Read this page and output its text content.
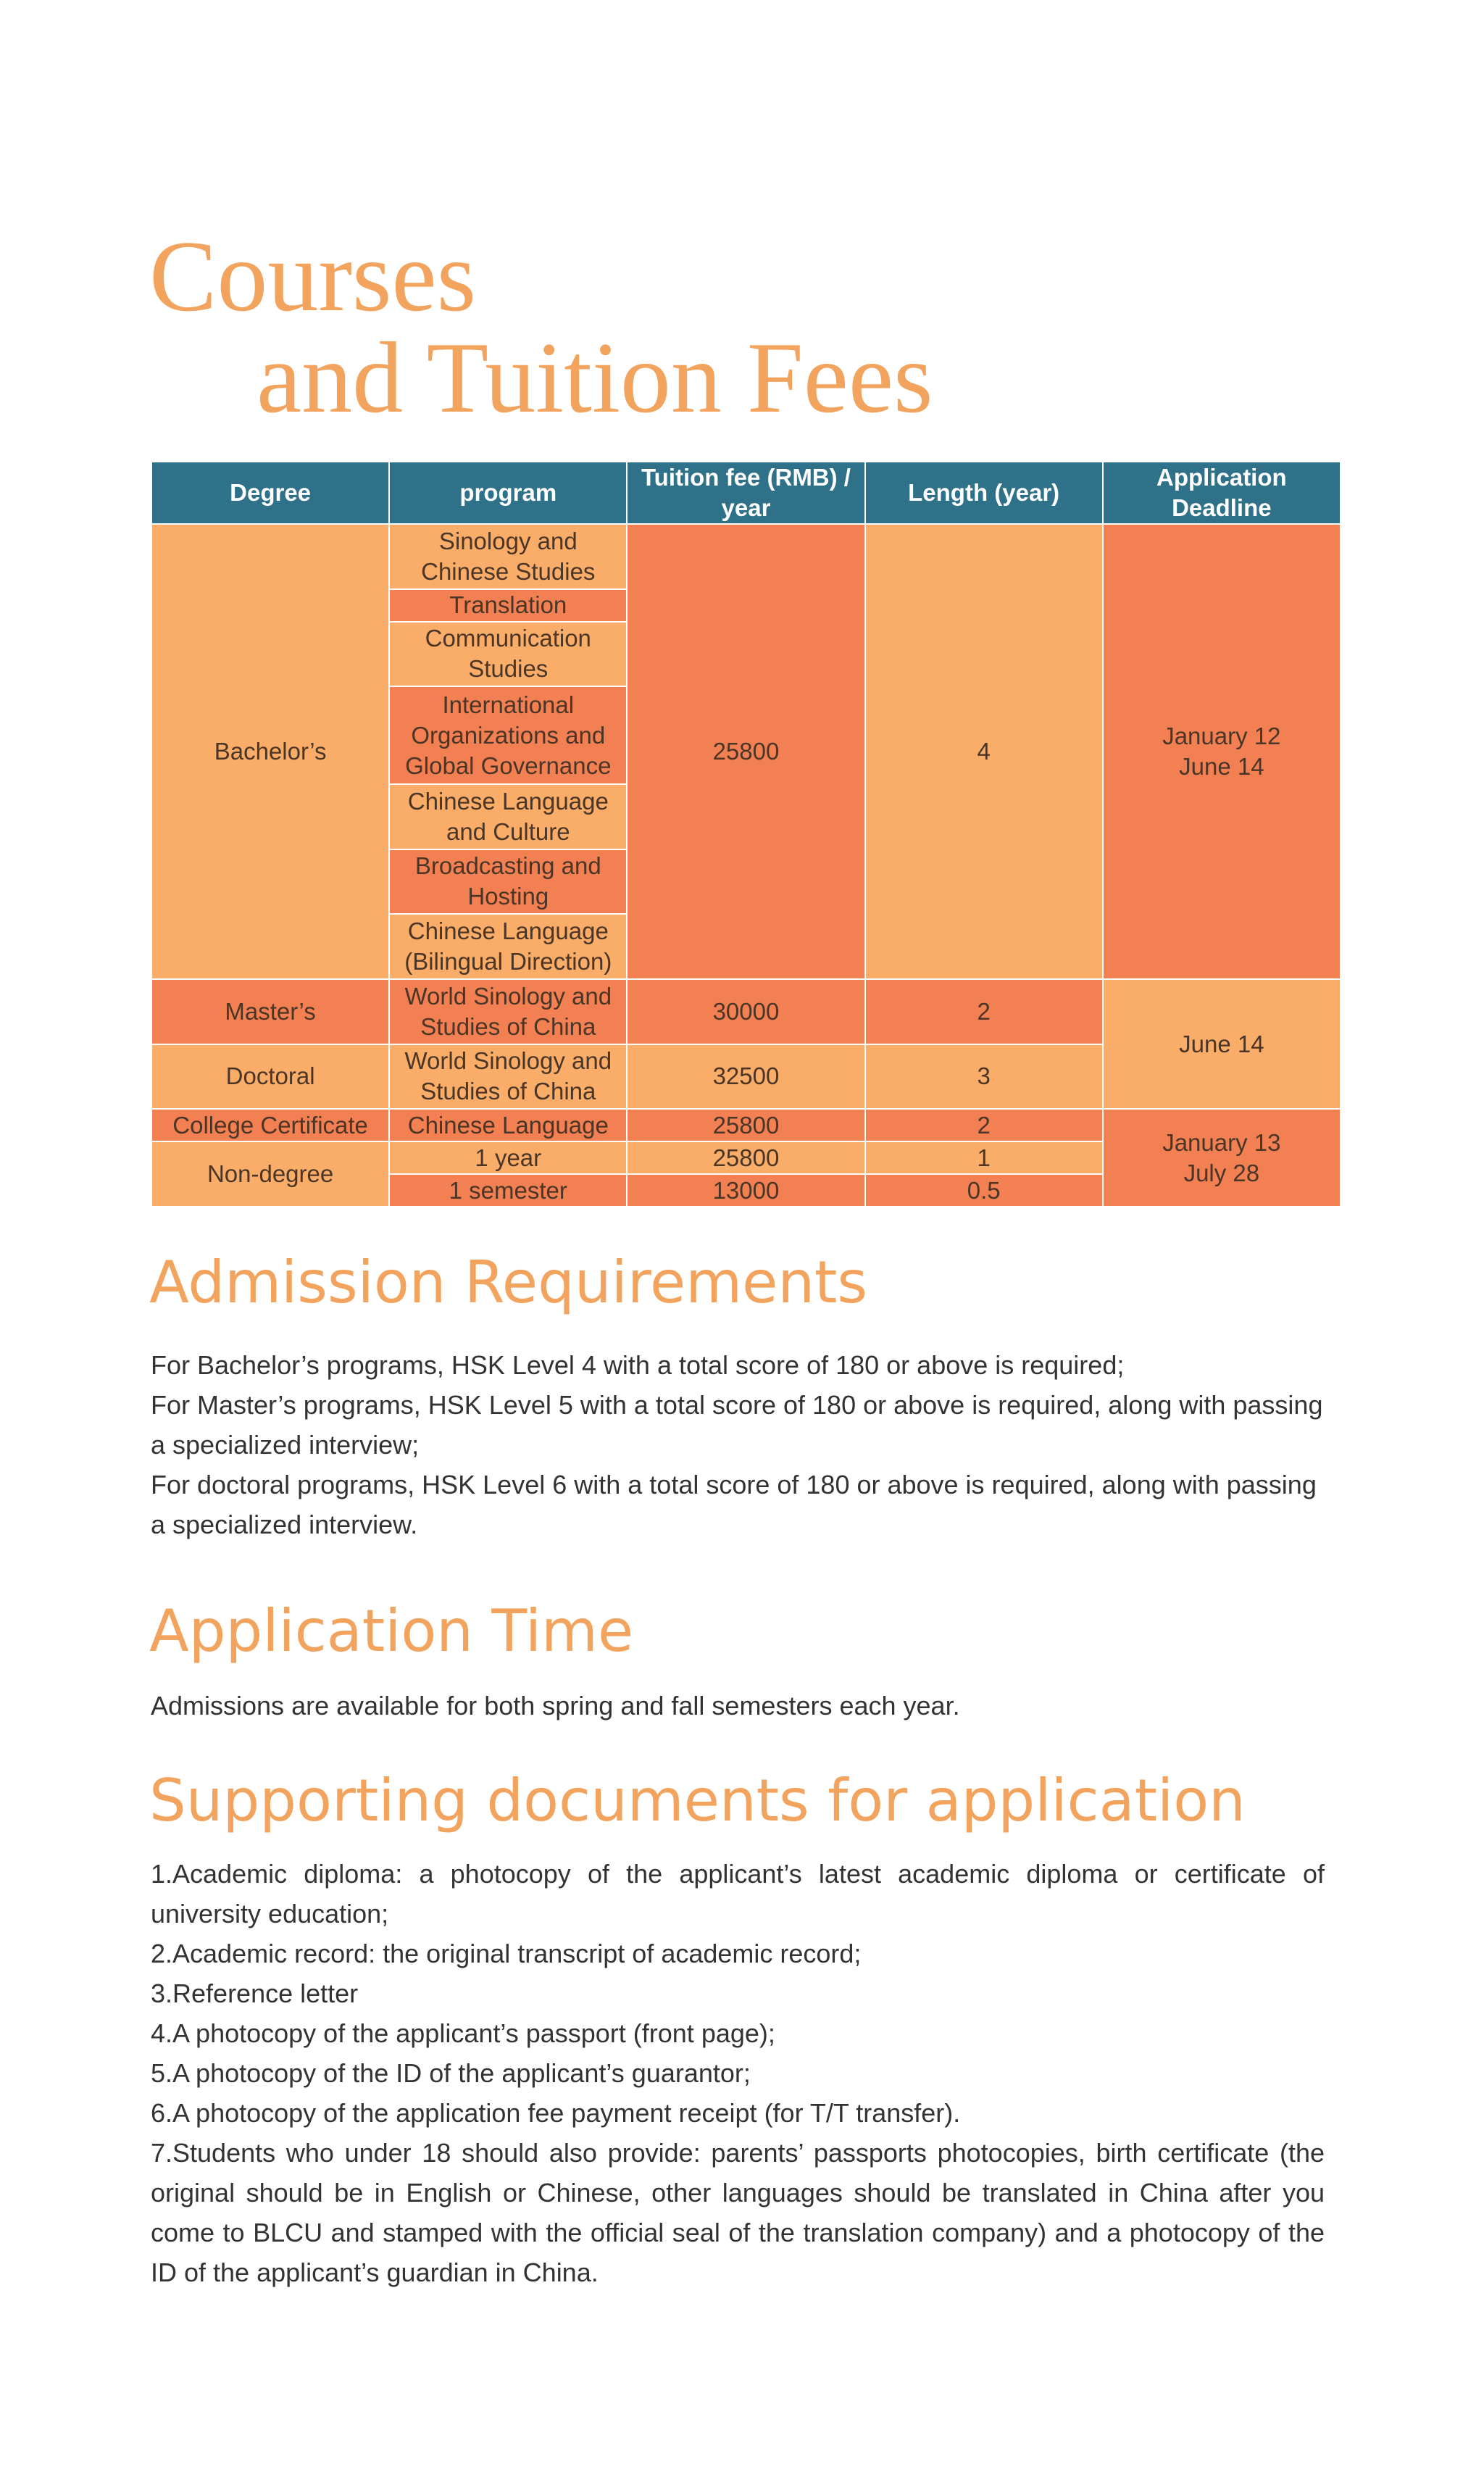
Courses
and Tuition Fees
Degree	program	Tuition fee (RMB) / year	Length (year)	Application Deadline
Bachelor’s	Sinology and Chinese Studies	25800	4	January 12
June 14
	Translation			
	Communication Studies			
	International Organizations and Global Governance			
	Chinese Language and Culture			
	Broadcasting and Hosting			
	Chinese Language (Bilingual Direction)			
Master’s	World Sinology and Studies of China	30000	2	June 14
Doctoral	World Sinology and Studies of China	32500	3	
College Certificate	Chinese Language	25800	2	January 13
July 28
Non-degree	1 year	25800	1	
	1 semester	13000	0.5	
Admission Requirements

For Bachelor’s programs, HSK Level 4 with a total score of 180 or above is required;

For Master’s programs, HSK Level 5 with a total score of 180 or above is required, along with passing a specialized interview;

For doctoral programs, HSK Level 6 with a total score of 180 or above is required, along with passing a specialized interview.

Application Time

Admissions are available for both spring and fall semesters each year.

Supporting documents for application

1.Academic diploma: a photocopy of the applicant’s latest academic diploma or certificate of university education;

2.Academic record: the original transcript of academic record;

3.Reference letter

4.A photocopy of the applicant’s passport (front page);

5.A photocopy of the ID of the applicant’s guarantor;

6.A photocopy of the application fee payment receipt (for T/T transfer).

7.Students who under 18 should also provide: parents’ passports photocopies, birth certificate (the original should be in English or Chinese, other languages should be translated in China after you come to BLCU and stamped with the official seal of the translation company) and a photocopy of the ID of the applicant’s guardian in China.
